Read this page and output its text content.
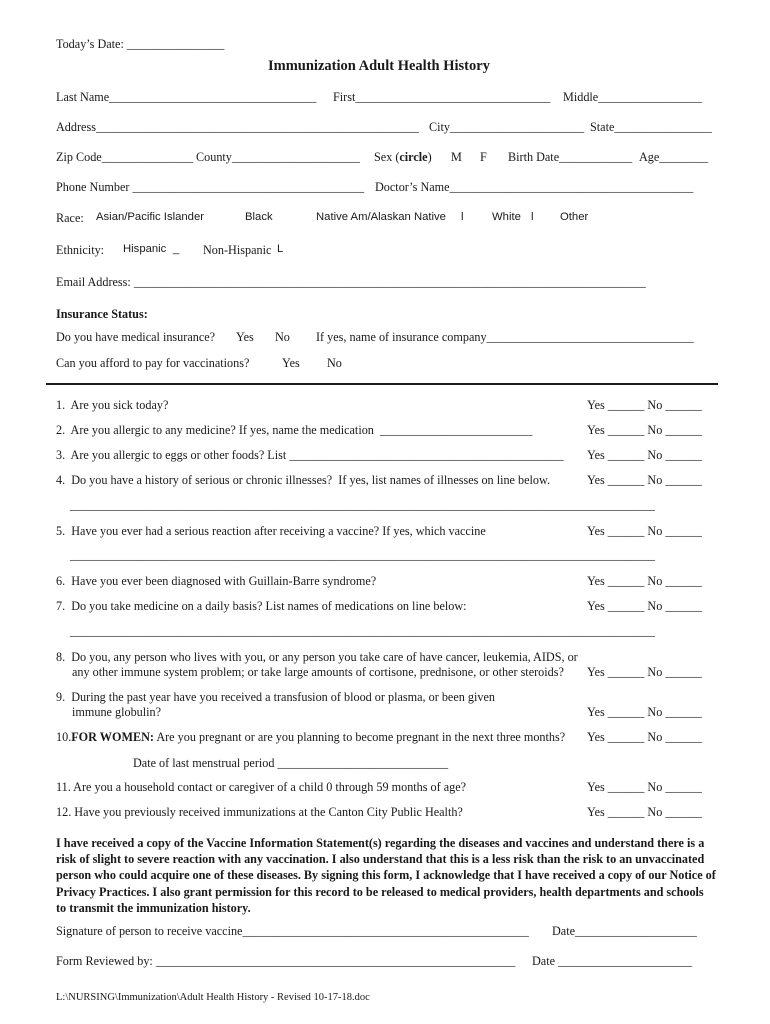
Today’s Date: ________________
Immunization Adult Health History
Last Name__________________________________ First________________________________ Middle_________________
Address_____________________________________________________ City______________________ State________________
Zip Code_______________ County_____________________ Sex (circle) M F Birth Date____________ Age________
Phone Number ______________________________________ Doctor’s Name________________________________________
Race: Asian/Pacific Islander	Black	Native Am/Alaskan Native l	White l Other
Ethnicity: Hispanic _ Non-Hispanic L
Email Address: ____________________________________________________________________________________
Insurance Status:
Do you have medical insurance? Yes No If yes, name of insurance company__________________________________
Can you afford to pay for vaccinations?	Yes No
1.  Are you sick today?	Yes ______ No ______
2.  Are you allergic to any medicine? If yes, name the medication  _________________________	Yes ______ No ______
3.  Are you allergic to eggs or other foods? List _____________________________________________ Yes ______ No ______
4.  Do you have a history of serious or chronic illnesses?  If yes, list names of illnesses on line below.	Yes ______ No ______
________________________________________________________________________________________________
5.  Have you ever had a serious reaction after receiving a vaccine? If yes, which vaccine	Yes ______ No ______
________________________________________________________________________________________________
6.  Have you ever been diagnosed with Guillain-Barre syndrome?	Yes ______ No ______
7.  Do you take medicine on a daily basis? List names of medications on line below:	Yes ______ No ______
________________________________________________________________________________________________
8.  Do you, any person who lives with you, or any person you take care of have cancer, leukemia, AIDS, or
any other immune system problem; or take large amounts of cortisone, prednisone, or other steroids? Yes ______ No ______
9.  During the past year have you received a transfusion of blood or plasma, or been given
immune globulin?	Yes ______ No ______
10.FOR WOMEN: Are you pregnant or are you planning to become pregnant in the next three months? Yes ______ No ______
Date of last menstrual period ____________________________
11. Are you a household contact or caregiver of a child 0 through 59 months of age?	Yes ______ No ______
12. Have you previously received immunizations at the Canton City Public Health?	Yes ______ No ______
I have received a copy of the Vaccine Information Statement(s) regarding the diseases and vaccines and understand there is a risk of slight to severe reaction with any vaccination. I also understand that this is a less risk than the risk to an unvaccinated person who could acquire one of these diseases. By signing this form, I acknowledge that I have received a copy of our Notice of Privacy Practices. I also grant permission for this record to be released to medical providers, health departments and schools to transmit the immunization history.
Signature of person to receive vaccine_______________________________________________ Date____________________
Form Reviewed by: ___________________________________________________________ Date ______________________
L:\NURSING\Immunization\Adult Health History - Revised 10-17-18.doc
